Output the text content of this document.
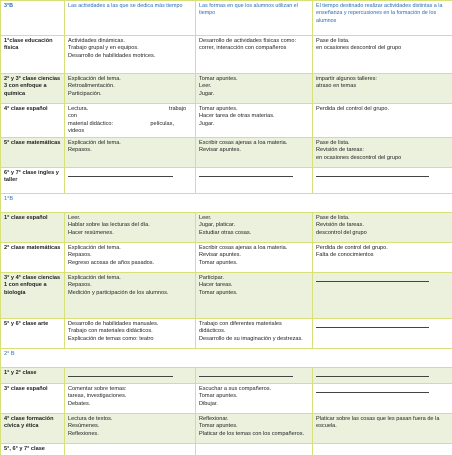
3°B	Las actividades a las que se dedica más tiempo	Las formas en que los alumnos utilizan el tiempo	El tiempo destinado realizar actividades distintas a la enseñanza y repercusiones en la formación de los alumnos
1°clase educación física	Actividades dinámicas.
Trabajo grupal y en equipos.
Desarrollo de habilidades motrices.	Desarrollo de actividades físicas como:
correr, interacción con compañeros	Pase de lista.
en ocasiones descontrol del grupo

2° y 3° clase ciencias 3 con enfoque a química	Explicación del tema.
Retroalimentación.
Participación.	Tomar apuntes.
Leer.
Jugar.	impartir algunos talleres:
atraso en temas

4° clase español	Lectura.                                                    trabajo con
material didáctico:                        películas,
videos	Tomar apuntes.
Hacer tarea de otras materias.
Jugar.	Perdida del control del grupo.

5° clase matemáticas	Explicación del tema.
Repasos.	Escribir cosas ajenas a loa materia.
Revisar apuntes.	Pase de lista.
Revisión de tareas:
en ocasiones descontrol del grupo

6° y 7° clase ingles y taller	

1°B			
1° clase español	Leer.
Hablar sobre las lecturas del día.
Hacer resúmenes.	Leer.
Jugar, platicar.
Estudiar otras cosas.	Pase de lista.
Revisión de tareas.
descontrol del grupo

2° clase matemáticas	Explicación del tema.
Repasos.
Regreso acosas de años pasados.	Escribir cosas ajenas a loa materia.
Revisar apuntes.
Tomar apuntes.	Perdida de control del grupo.
Falta de conocimientos

3° y 4° clase ciencias 1 con enfoque a biología	Explicación del tema.
Repasos.
Medición y participación de los alumnos.	Participar.
Hacer tareas.
Tomar apuntes.	

5° y 6° clase arte	Desarrollo de habilidades manuales.
Trabajo con materiales didácticos.
Explicación de temas como: teatro	Trabajo con diferentes materiales didácticos.
Desarrollo de su imaginación y destrezas.	

2° B			
1° y 2° clase	

3° clase español	Comentar sobre temas:
tareas, investigaciones.
Debates.	Escuchar a sus compañeros.
Tomar apuntes.
Dibujar.	

4° clase formación cívica y ética	Lectura de textos.
Resúmenes.
Reflexiones.	Reflexionar.
Tomar apuntes.
Platicar de los temas con los compañeros.	Platicar sobre las cosas que les pasan fuera de la escuela.

5°, 6° y 7° clase			
